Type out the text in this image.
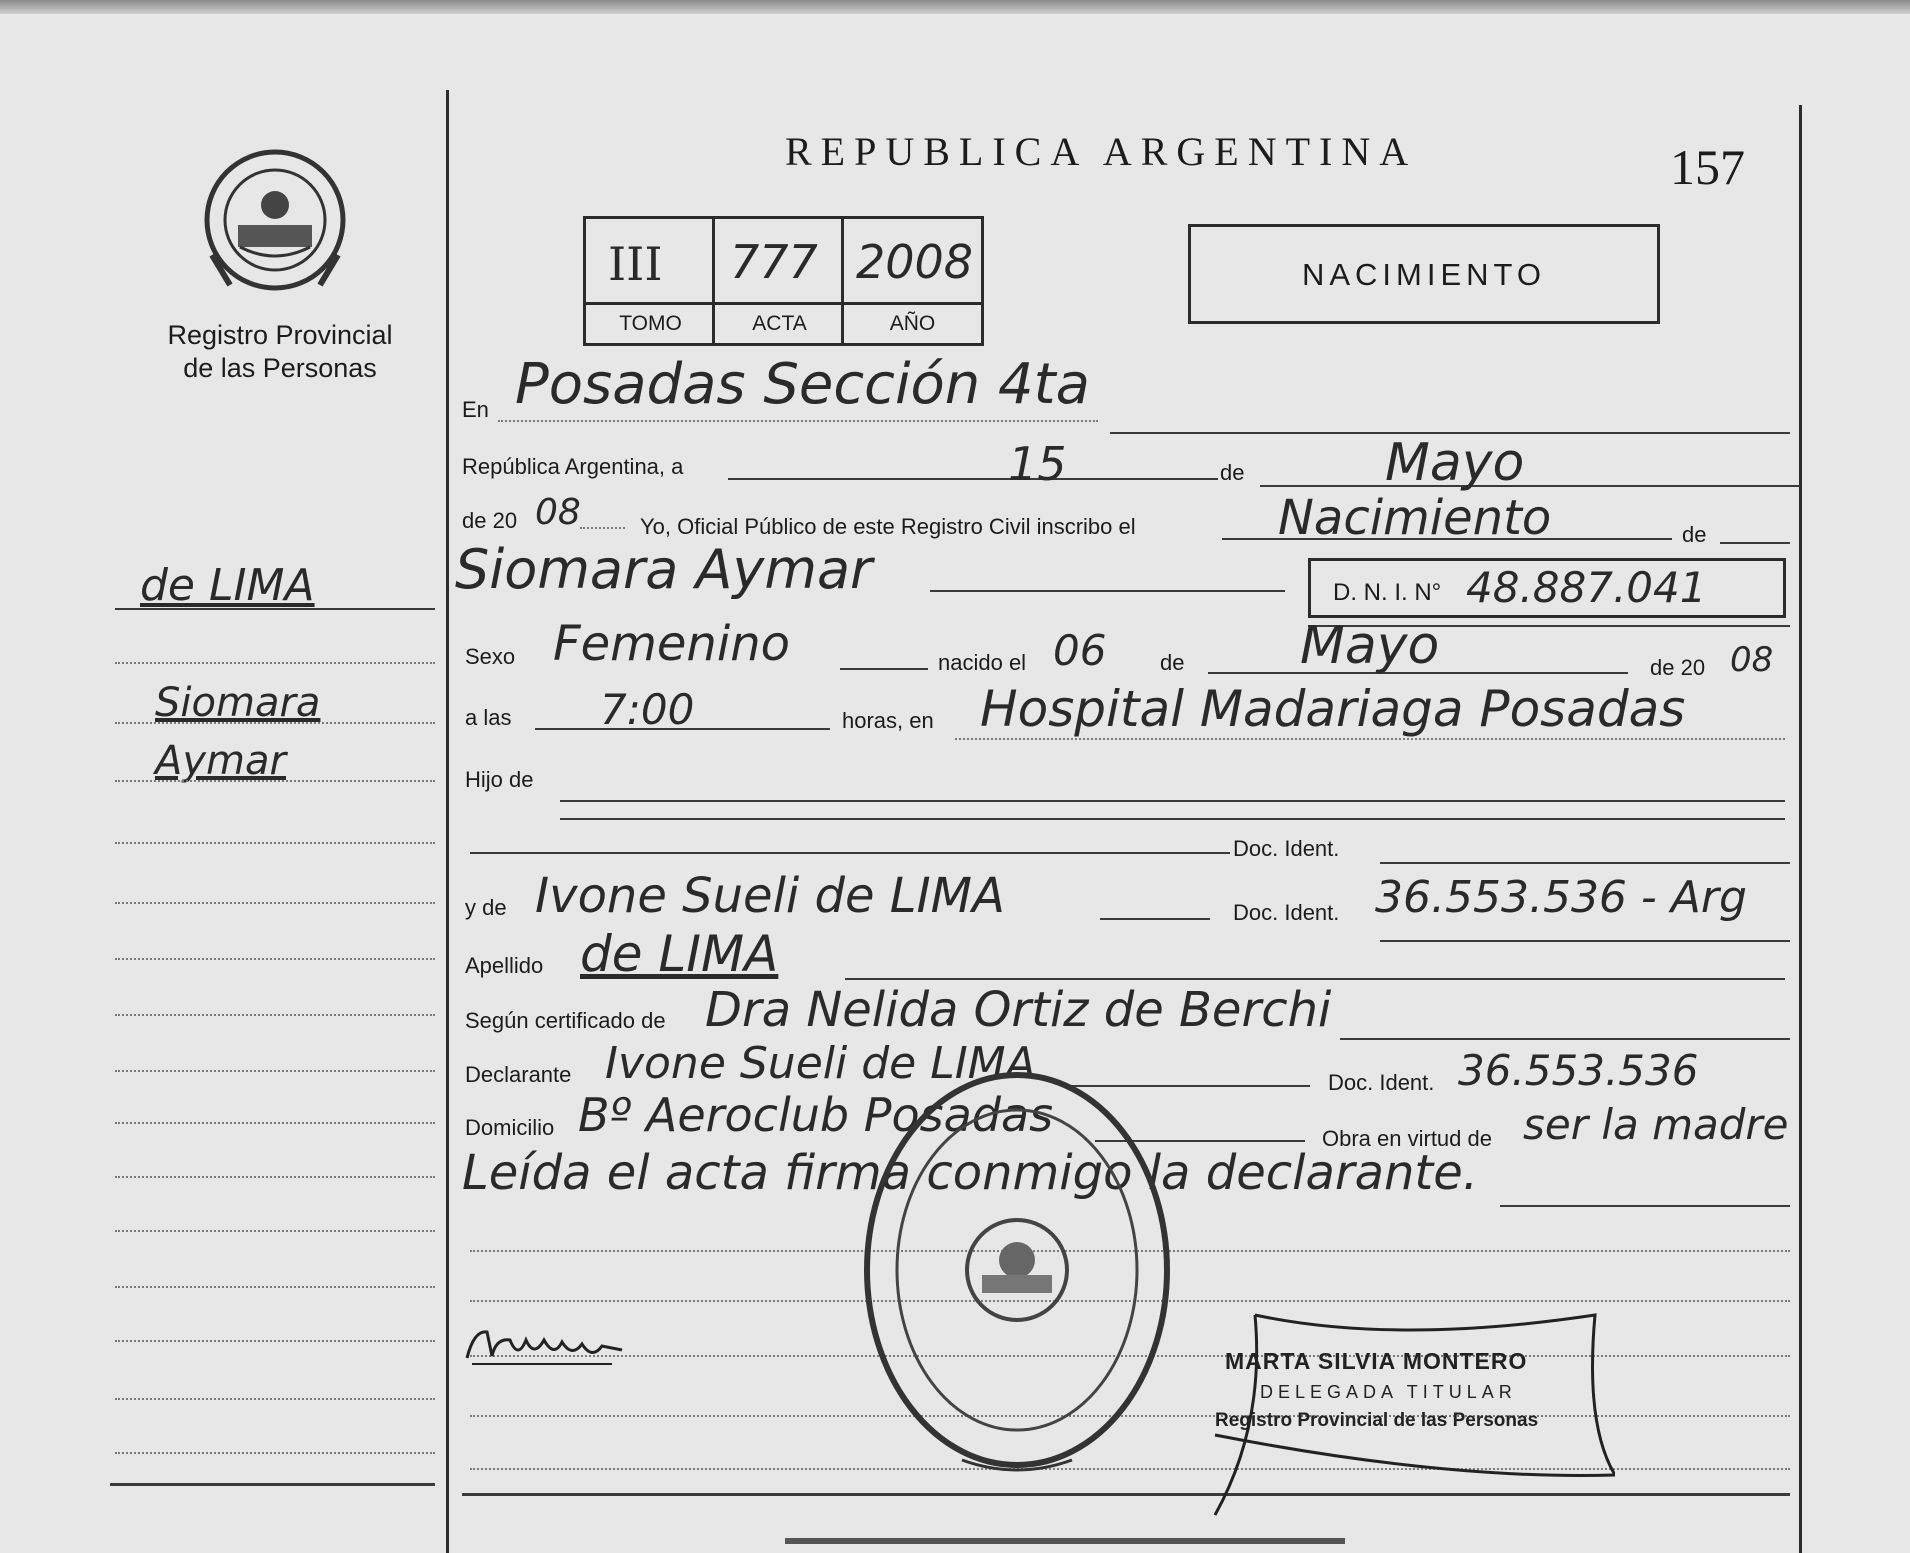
Registro Provincial
de las Personas
de LIMA
Siomara
Aymar
REPUBLICA ARGENTINA	157
III 777 2008
TOMO	ACTA	AÑO
NACIMIENTO
En Posadas Sección 4ta
República Argentina, a	15	de	Mayo
de 20 08	Yo, Oficial Público de este Registro Civil inscribo el	Nacimiento	de
Siomara Aymar	D. N. I. N° 48.887.041
Sexo Femenino	nacido el 06 de Mayo	de 20 08
a las 7:00	horas, en Hospital Madariaga Posadas
Hijo de
Doc. Ident.
y de Ivone Sueli de LIMA	Doc. Ident. 36.553.536 - Arg
Apellido de LIMA
Según certificado de Dra Nelida Ortiz de Berchi
Declarante Ivone Sueli de LIMA	Doc. Ident. 36.553.536
Domicilio Bº Aeroclub Posadas	Obra en virtud de ser la madre
Leída el acta firma conmigo la declarante.
MARTA SILVIA MONTERO
DELEGADA TITULAR
Registro Provincial de las Personas
